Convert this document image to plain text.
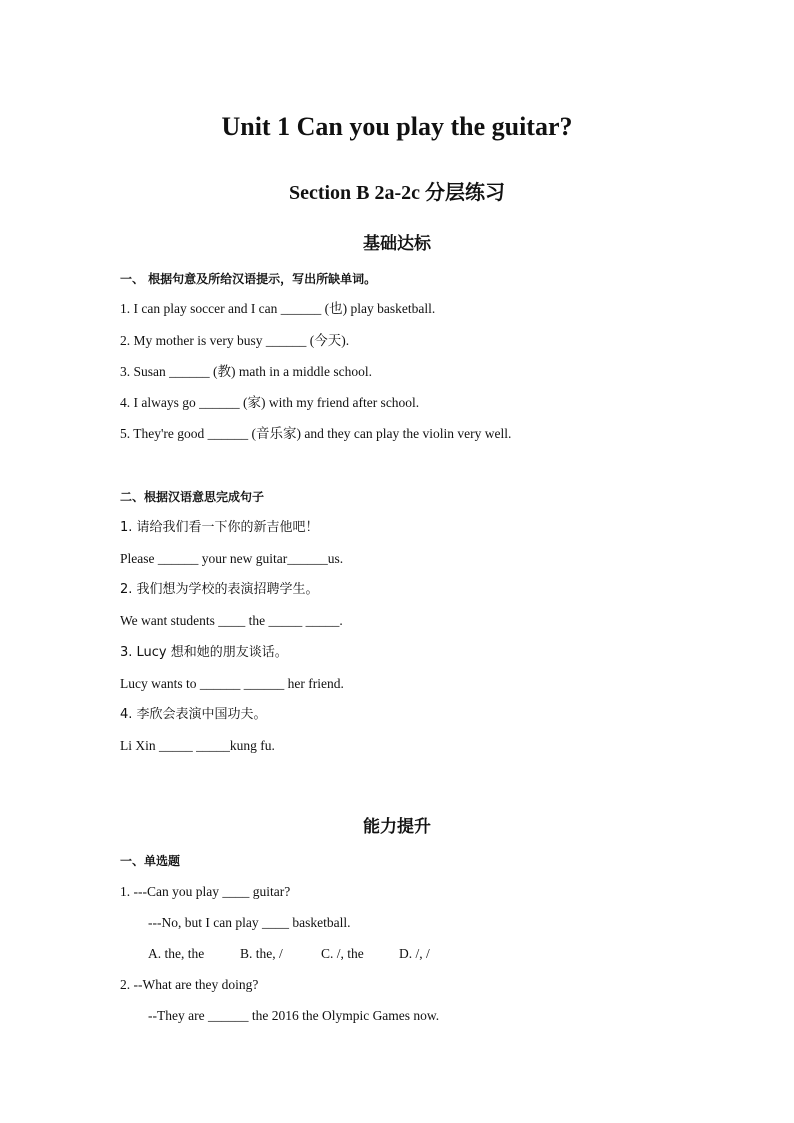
Unit 1 Can you play the guitar?
Section B 2a-2c 分层练习
基础达标
一、 根据句意及所给汉语提示，写出所缺单词。
1. I can play soccer and I can ______ (也) play basketball.
2. My mother is very busy ______ (今天).
3. Susan ______ (教) math in a middle school.
4. I always go ______ (家) with my friend after school.
5. They're good ______ (音乐家) and they can play the violin very well.
二、根据汉语意思完成句子
1. 请给我们看一下你的新吉他吧！
Please ______ your new guitar______us.
2. 我们想为学校的表演招聘学生。
We want students ____ the _____ _____.
3. Lucy 想和她的朋友谈话。
Lucy wants to ______ ______ her friend.
4. 李欣会表演中国功夫。
Li Xin _____ _____kung fu.
能力提升
一、单选题
1. ---Can you play ____ guitar?
---No, but I can play ____ basketball.
A. the, the	B. the, /	C. /, the	D. /, /
2. --What are they doing?
--They are ______ the 2016 the Olympic Games now.
